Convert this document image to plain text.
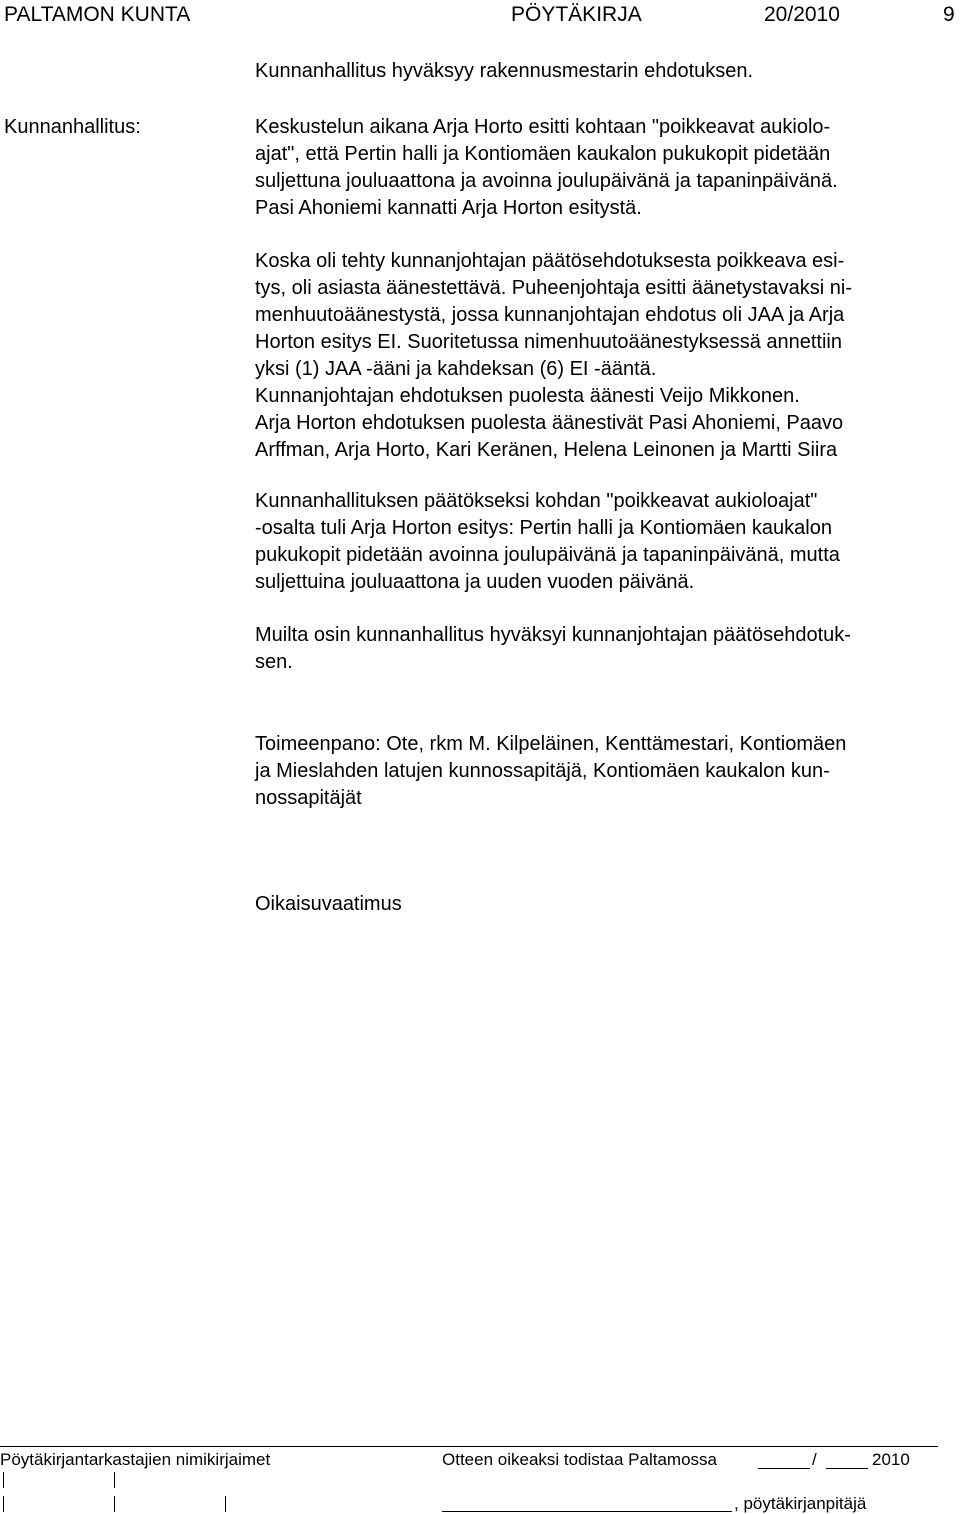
PALTAMON KUNTA	PÖYTÄKIRJA	20/2010	9
Kunnanhallitus hyväksyy rakennusmestarin ehdotuksen.
Kunnanhallitus:	Keskustelun aikana Arja Horto esitti kohtaan "poikkeavat aukiolo-
ajat", että Pertin halli ja Kontiomäen kaukalon pukukopit pidetään
suljettuna jouluaattona ja avoinna joulupäivänä ja tapaninpäivänä.
Pasi Ahoniemi kannatti Arja Horton esitystä.
Koska oli tehty kunnanjohtajan päätösehdotuksesta poikkeava esi-
tys, oli asiasta äänestettävä. Puheenjohtaja esitti äänetystavaksi ni-
menhuutoäänestystä, jossa kunnanjohtajan ehdotus oli JAA ja Arja
Horton esitys EI. Suoritetussa nimenhuutoäänestyksessä annettiin
yksi (1) JAA -ääni ja kahdeksan (6) EI -ääntä.
Kunnanjohtajan ehdotuksen puolesta äänesti Veijo Mikkonen.
Arja Horton ehdotuksen puolesta äänestivät Pasi Ahoniemi, Paavo
Arffman, Arja Horto, Kari Keränen, Helena Leinonen ja Martti Siira
Kunnanhallituksen päätökseksi kohdan "poikkeavat aukioloajat"
-osalta tuli Arja Horton esitys: Pertin halli ja Kontiomäen kaukalon
pukukopit pidetään avoinna joulupäivänä ja tapaninpäivänä, mutta
suljettuina jouluaattona ja uuden vuoden päivänä.
Muilta osin kunnanhallitus hyväksyi kunnanjohtajan päätösehdotuk-
sen.
Toimeenpano: Ote, rkm M. Kilpeläinen, Kenttämestari, Kontiomäen
ja Mieslahden latujen kunnossapitäjä, Kontiomäen kaukalon kun-
nossapitäjät
Oikaisuvaatimus
Pöytäkirjantarkastajien nimikirjaimet	Otteen oikeaksi todistaa Paltamossa	/	2010
, pöytäkirjanpitäjä
